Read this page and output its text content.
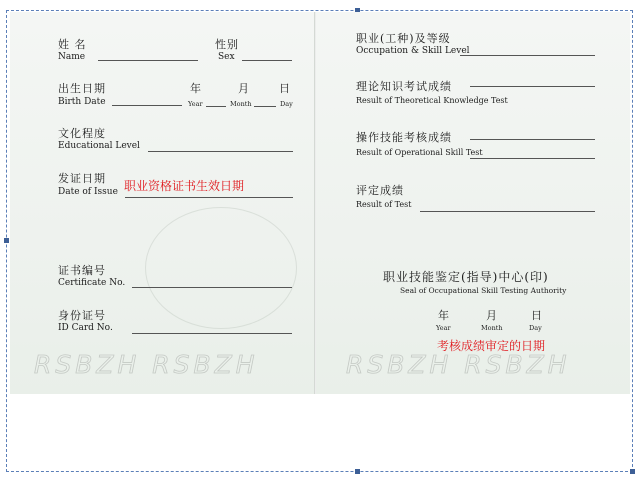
姓 名
Name
性别
Sex
出生日期
Birth Date
年	月	日
Year	Month	Day
文化程度
Educational Level
发证日期
Date of Issue
证书编号
Certificate No.
身份证号
ID Card No.
RSBZH RSBZH
职业(工种)及等级
Occupation & Skill Level
理论知识考试成绩
Result of Theoretical Knowledge Test
操作技能考核成绩
Result of Operational Skill Test
评定成绩
Result of Test
职业技能鉴定(指导)中心(印)
Seal of Occupational Skill Testing Authority
年	月	日
Year	Month	Day
RSBZH RSBZH
职业资格证书生效日期
考核成绩审定的日期
